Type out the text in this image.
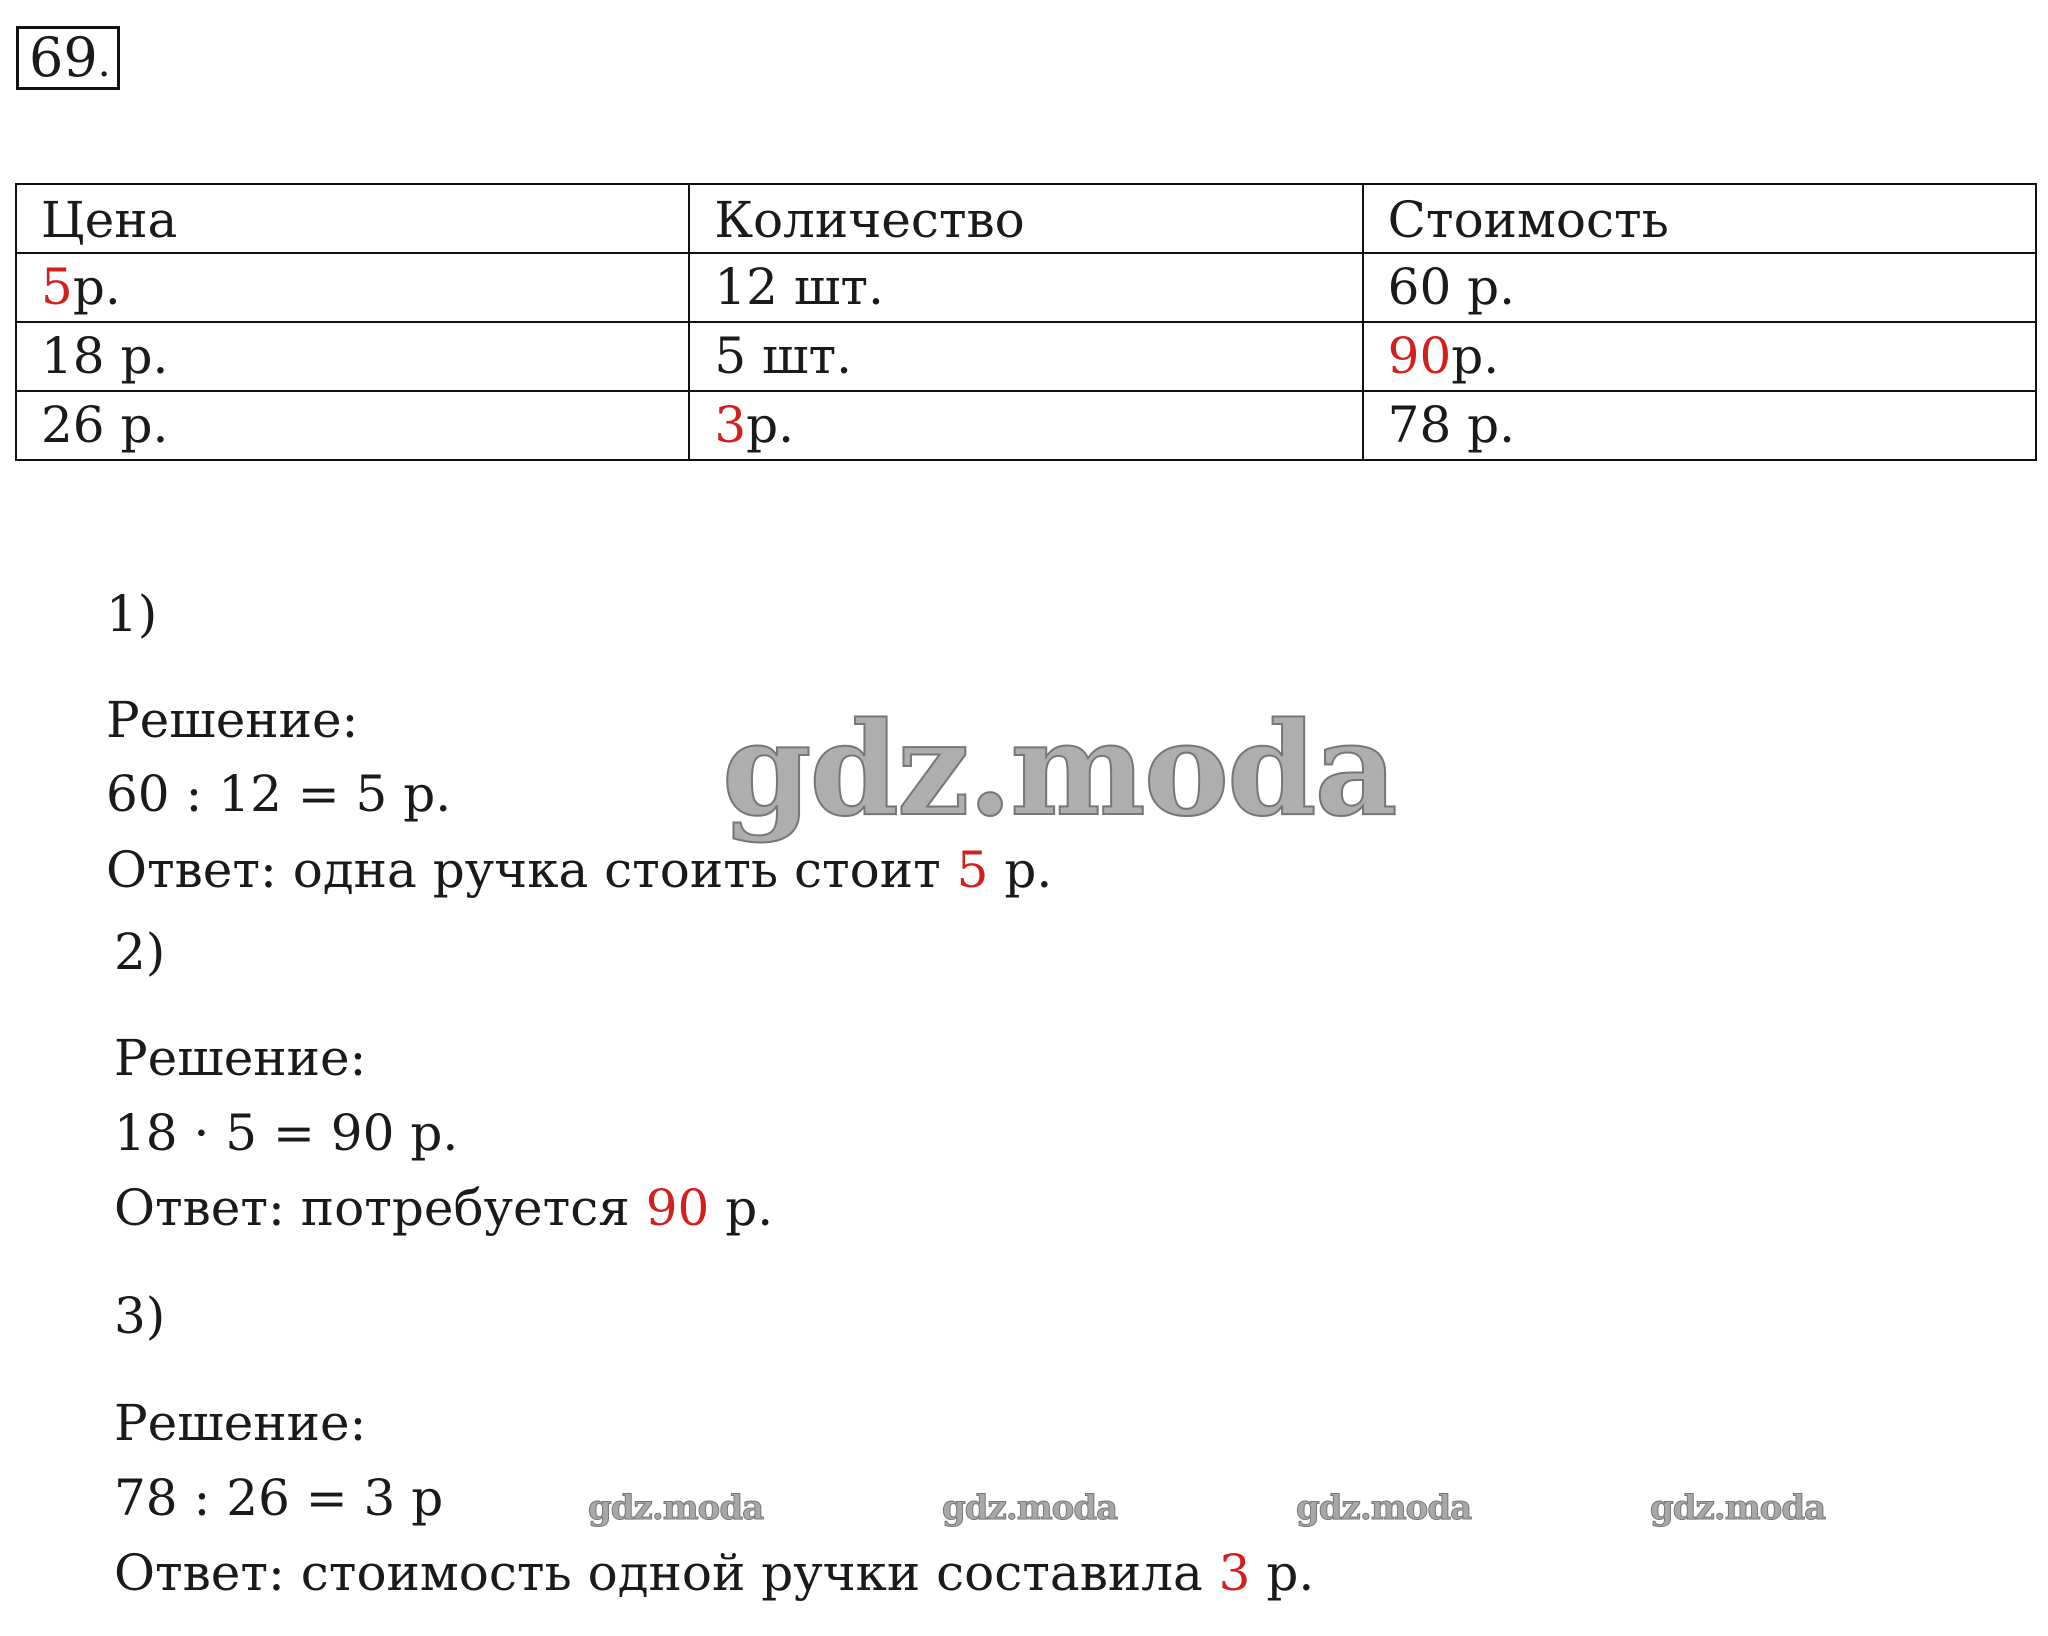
69.
Цена	Количество	Стоимость
5р.	12 шт.	60 р.
18 р.	5 шт.	90р.
26 р.	3р.	78 р.
1)
Решение:
60 : 12 = 5 р.
Ответ: одна ручка стоить стоит 5 р.
2)
Решение:
18 · 5 = 90 р.
Ответ: потребуется 90 р.
3)
Решение:
78 : 26 = 3 р
Ответ: стоимость одной ручки составила 3 р.
gdz.moda
gdz.moda	gdz.moda	gdz.moda	gdz.moda
